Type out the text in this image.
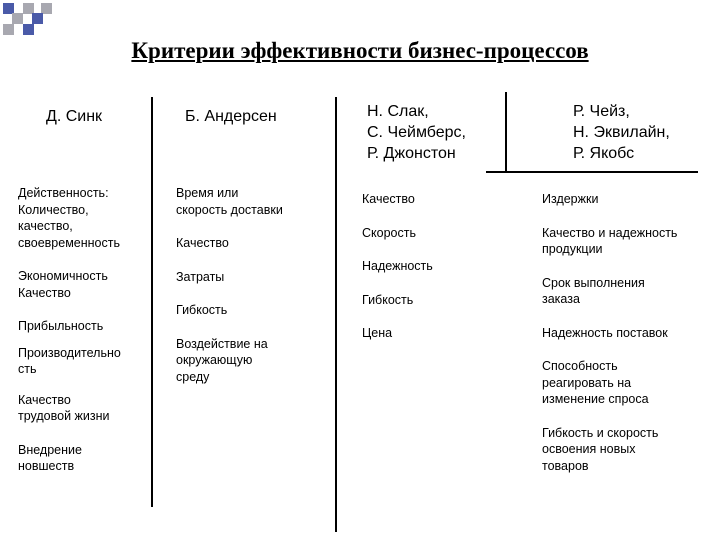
Критерии эффективности бизнес-процессов
Д. Синк	Б. Андерсен	Н. Слак,
С. Чеймберс,
Р. Джонстон
Р. Чейз,
Н. Эквилайн,
Р. Якобс
Действенность:
Количество,
качество,
своевременность
Экономичность
Качество
Прибыльность
Производительно
сть
Качество
трудовой жизни
Внедрение
новшеств
Время или
скорость доставки
Качество
Затраты
Гибкость
Воздействие на
окружающую
среду
Качество
Скорость
Надежность
Гибкость
Цена
Издержки
Качество и надежность
продукции
Срок выполнения
заказа
Надежность поставок
Способность
реагировать на
изменение спроса
Гибкость и скорость
освоения новых
товаров
